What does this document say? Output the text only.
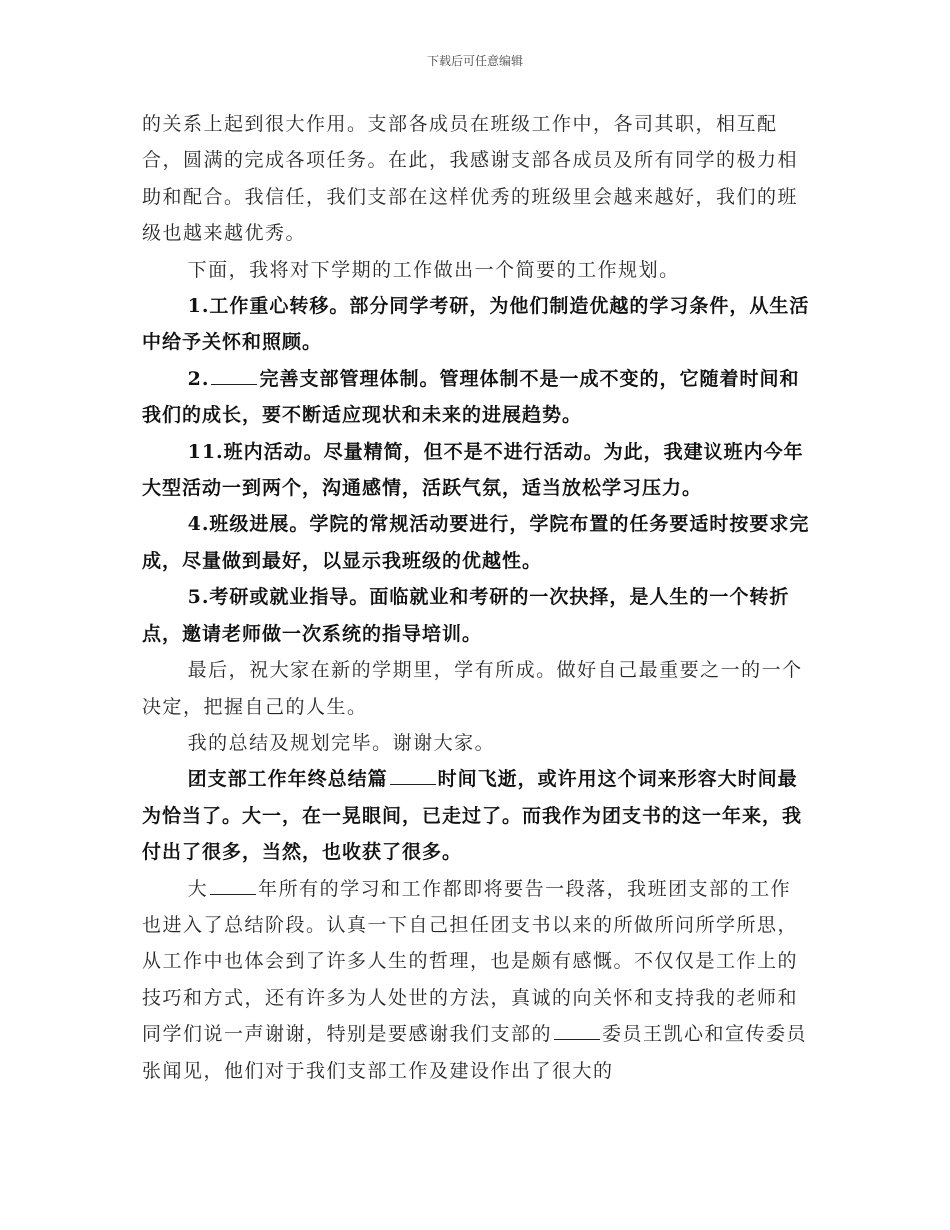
下载后可任意编辑

的关系上起到很大作用。支部各成员在班级工作中，各司其职，相互配合，圆满的完成各项任务。在此，我感谢支部各成员及所有同学的极力相助和配合。我信任，我们支部在这样优秀的班级里会越来越好，我们的班级也越来越优秀。

下面，我将对下学期的工作做出一个简要的工作规划。

1.工作重心转移。部分同学考研，为他们制造优越的学习条件，从生活中给予关怀和照顾。

2.	完善支部管理体制。管理体制不是一成不变的，它随着时间和我们的成长，要不断适应现状和未来的进展趋势。

11.班内活动。尽量精简，但不是不进行活动。为此，我建议班内今年大型活动一到两个，沟通感情，活跃气氛，适当放松学习压力。

4.班级进展。学院的常规活动要进行，学院布置的任务要适时按要求完成，尽量做到最好，以显示我班级的优越性。

5.考研或就业指导。面临就业和考研的一次抉择，是人生的一个转折点，邀请老师做一次系统的指导培训。

最后，祝大家在新的学期里，学有所成。做好自己最重要之一的一个决定，把握自己的人生。

我的总结及规划完毕。谢谢大家。

团支部工作年终总结篇	时间飞逝，或许用这个词来形容大时间最为恰当了。大一，在一晃眼间，已走过了。而我作为团支书的这一年来，我付出了很多，当然，也收获了很多。

大	年所有的学习和工作都即将要告一段落，我班团支部的工作也进入了总结阶段。认真一下自己担任团支书以来的所做所问所学所思，从工作中也体会到了许多人生的哲理，也是颇有感慨。不仅仅是工作上的技巧和方式，还有许多为人处世的方法，真诚的向关怀和支持我的老师和同学们说一声谢谢，特别是要感谢我们支部的	委员王凯心和宣传委员张闻见，他们对于我们支部工作及建设作出了很大的
